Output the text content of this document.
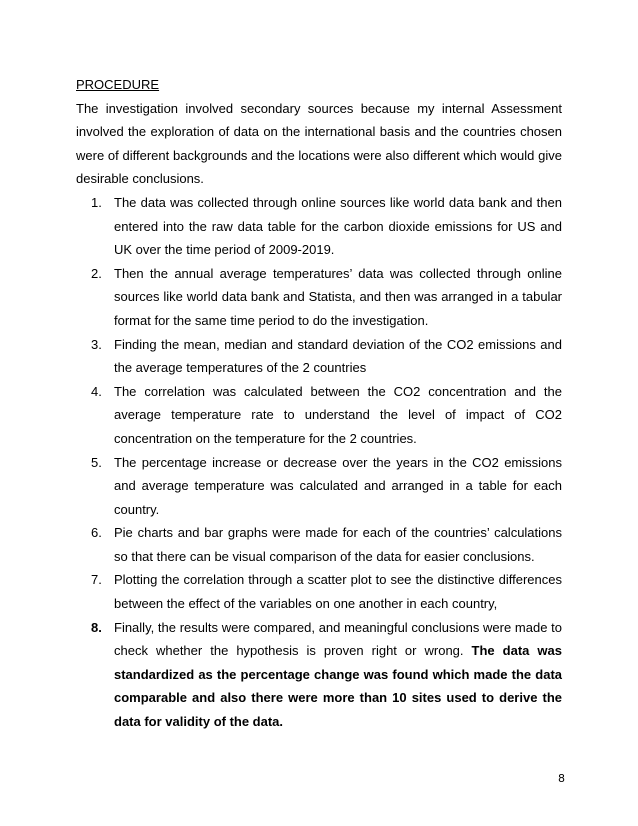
PROCEDURE

The investigation involved secondary sources because my internal Assessment involved the exploration of data on the international basis and the countries chosen were of different backgrounds and the locations were also different which would give desirable conclusions.

1. The data was collected through online sources like world data bank and then entered into the raw data table for the carbon dioxide emissions for US and UK over the time period of 2009-2019.
2. Then the annual average temperatures’ data was collected through online sources like world data bank and Statista, and then was arranged in a tabular format for the same time period to do the investigation.
3. Finding the mean, median and standard deviation of the CO2 emissions and the average temperatures of the 2 countries
4. The correlation was calculated between the CO2 concentration and the average temperature rate to understand the level of impact of CO2 concentration on the temperature for the 2 countries.
5. The percentage increase or decrease over the years in the CO2 emissions and average temperature was calculated and arranged in a table for each country.
6. Pie charts and bar graphs were made for each of the countries’ calculations so that there can be visual comparison of the data for easier conclusions.
7. Plotting the correlation through a scatter plot to see the distinctive differences between the effect of the variables on one another in each country,
8. Finally, the results were compared, and meaningful conclusions were made to check whether the hypothesis is proven right or wrong. The data was standardized as the percentage change was found which made the data comparable and also there were more than 10 sites used to derive the data for validity of the data.
8
